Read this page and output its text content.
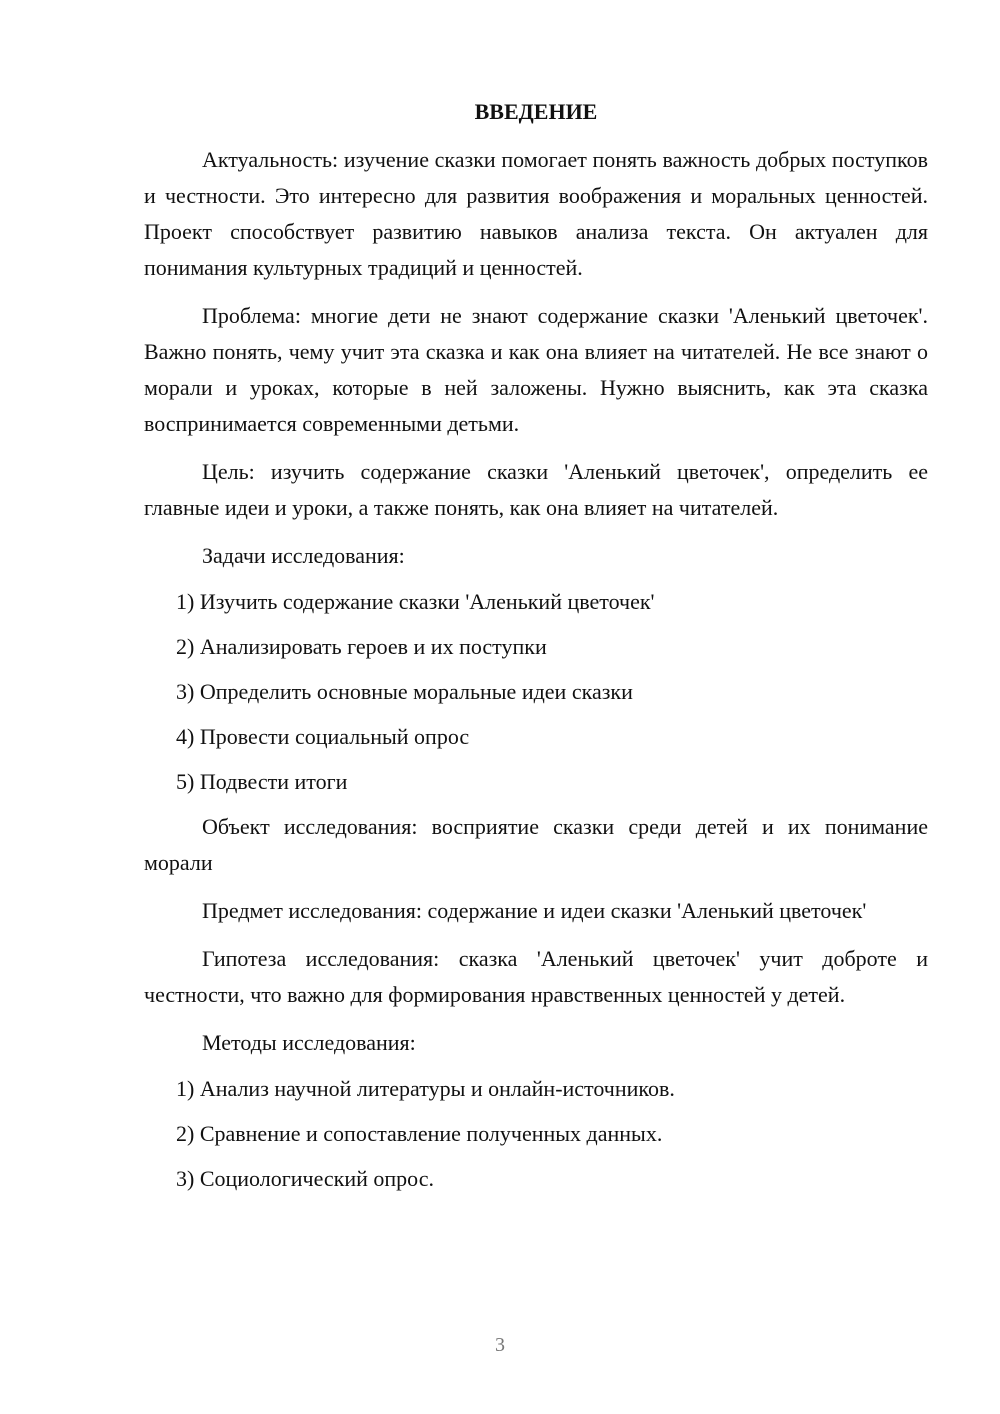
ВВЕДЕНИЕ

Актуальность: изучение сказки помогает понять важность добрых поступков и честности. Это интересно для развития воображения и моральных ценностей. Проект способствует развитию навыков анализа текста. Он актуален для понимания культурных традиций и ценностей.

Проблема: многие дети не знают содержание сказки 'Аленький цветочек'. Важно понять, чему учит эта сказка и как она влияет на читателей. Не все знают о морали и уроках, которые в ней заложены. Нужно выяснить, как эта сказка воспринимается современными детьми.

Цель: изучить содержание сказки 'Аленький цветочек', определить ее главные идеи и уроки, а также понять, как она влияет на читателей.

Задачи исследования:

1) Изучить содержание сказки 'Аленький цветочек'
2) Анализировать героев и их поступки
3) Определить основные моральные идеи сказки
4) Провести социальный опрос
5) Подвести итоги

Объект исследования: восприятие сказки среди детей и их понимание морали

Предмет исследования: содержание и идеи сказки 'Аленький цветочек'

Гипотеза исследования: сказка 'Аленький цветочек' учит доброте и честности, что важно для формирования нравственных ценностей у детей.

Методы исследования:

1) Анализ научной литературы и онлайн-источников.
2) Сравнение и сопоставление полученных данных.
3) Социологический опрос.
3
